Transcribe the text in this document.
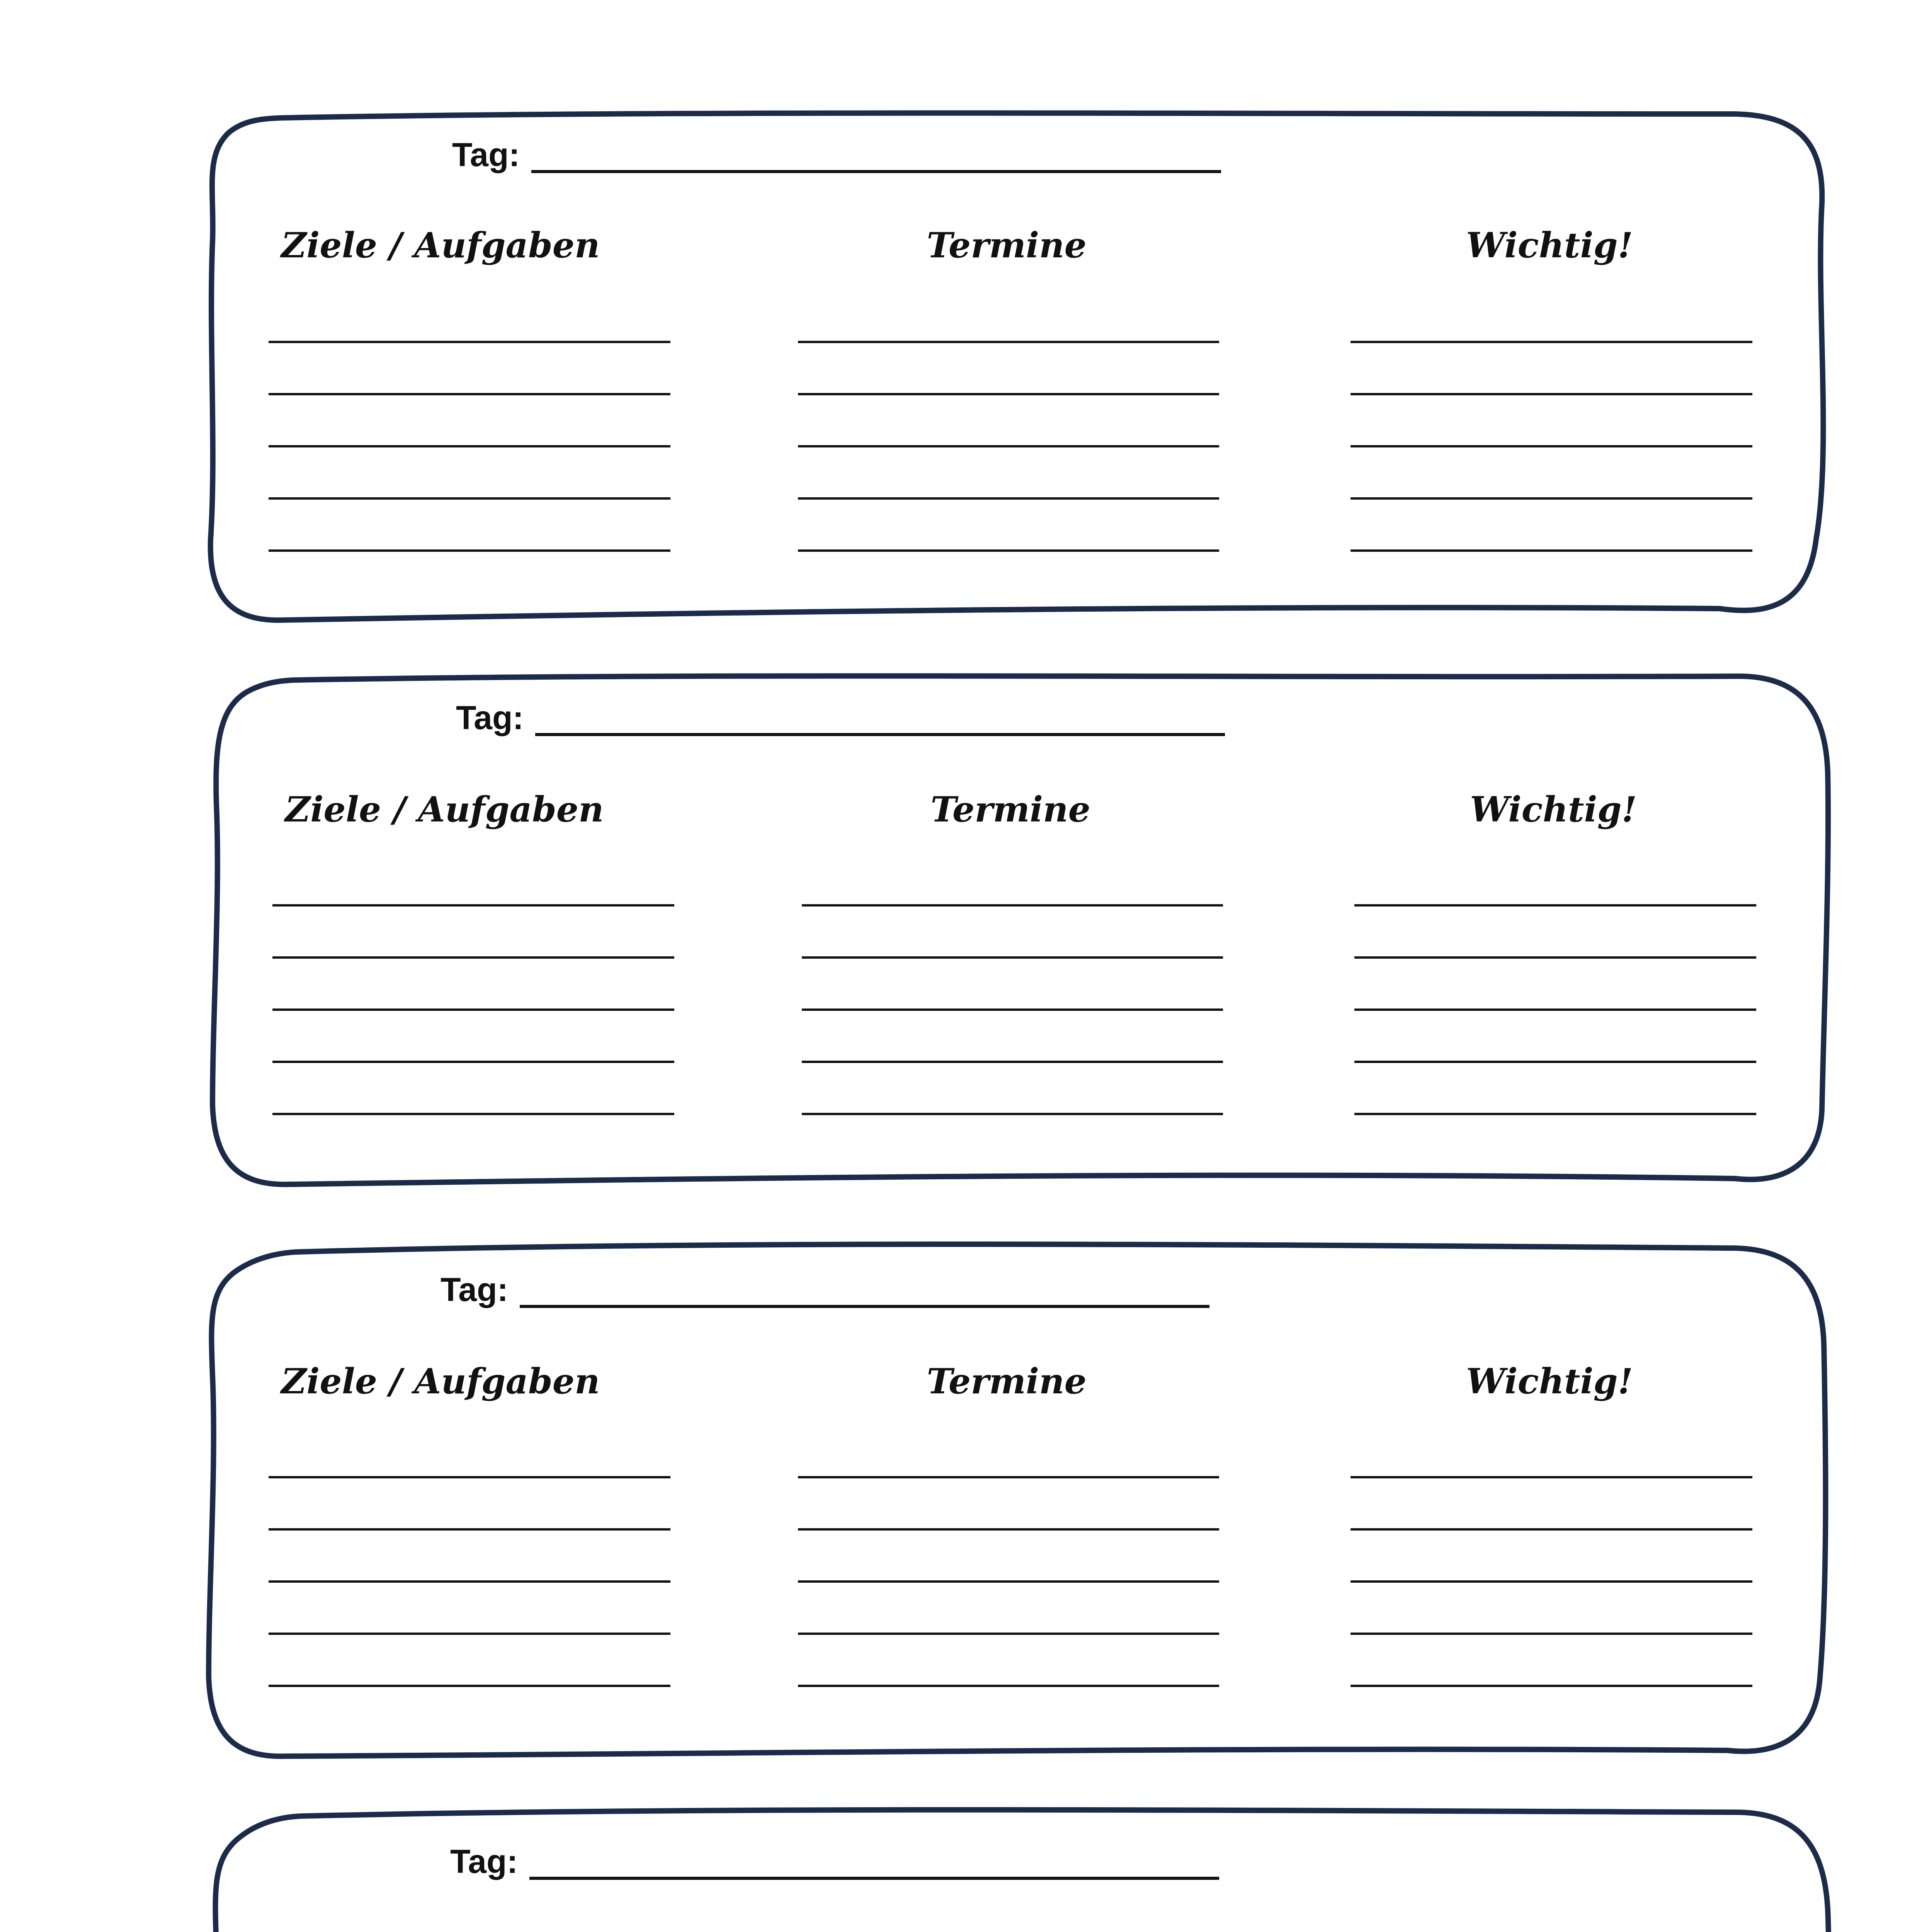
Tag:
Ziele / Aufgaben	Termine	Wichtig!
Tag:
Ziele / Aufgaben	Termine	Wichtig!
Tag:
Ziele / Aufgaben	Termine	Wichtig!
Tag:
